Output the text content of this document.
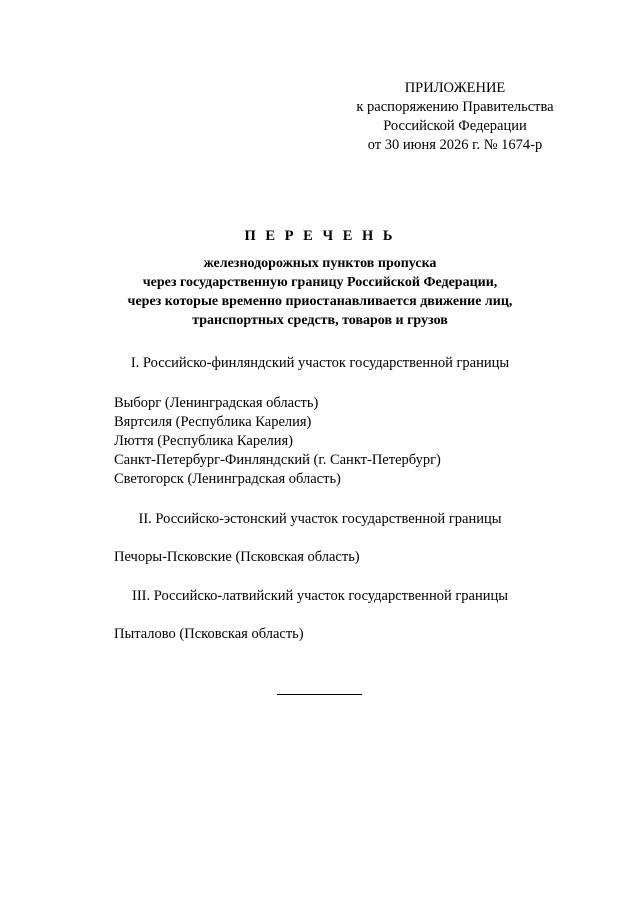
ПРИЛОЖЕНИЕ
к распоряжению Правительства
Российской Федерации
от 30 июня 2026 г. № 1674-р
П Е Р Е Ч Е Н Ь
железнодорожных пунктов пропуска
через государственную границу Российской Федерации,
через которые временно приостанавливается движение лиц,
транспортных средств, товаров и грузов
I. Российско-финляндский участок государственной границы
Выборг (Ленинградская область)
Вяртсиля (Республика Карелия)
Люття (Республика Карелия)
Санкт-Петербург-Финляндский (г. Санкт-Петербург)
Светогорск (Ленинградская область)
II. Российско-эстонский участок государственной границы
Печоры-Псковские (Псковская область)
III. Российско-латвийский участок государственной границы
Пыталово (Псковская область)
